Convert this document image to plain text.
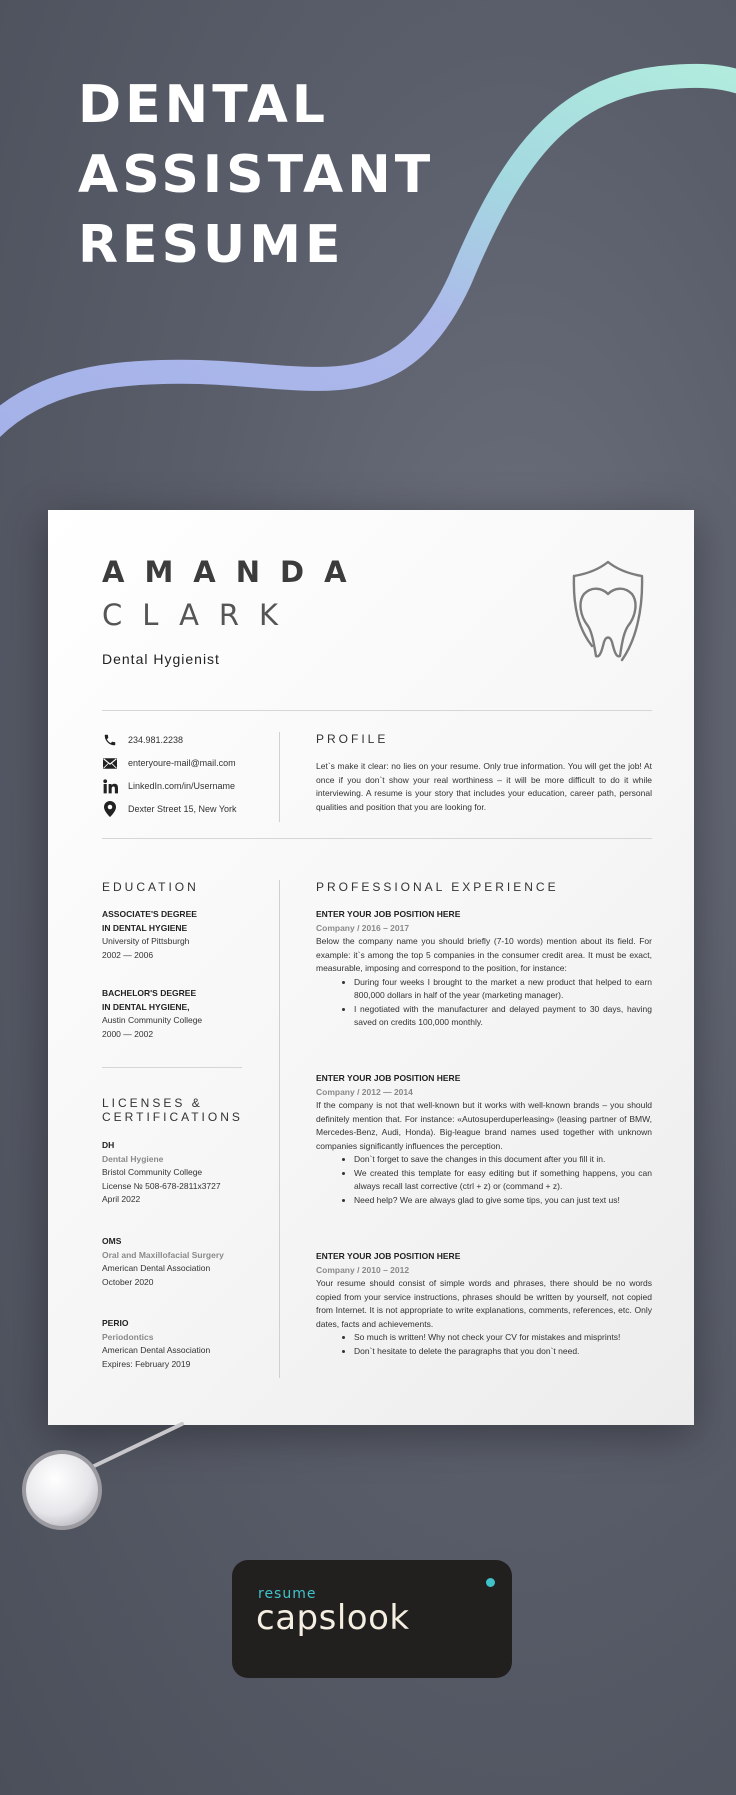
DENTAL
ASSISTANT
RESUME
AMANDA
CLARK
Dental Hygienist
234.981.2238
enteryoure-mail@mail.com
LinkedIn.com/in/Username
Dexter Street 15, New York
PROFILE

Let`s make it clear: no lies on your resume. Only true information. You will get the job! At once if you don`t show your real worthiness – it will be more difficult to do it while interviewing. A resume is your story that includes your education, career path, personal qualities and position that you are looking for.

EDUCATION
ASSOCIATE'S DEGREE
IN DENTAL HYGIENE
University of Pittsburgh
2002 — 2006
BACHELOR'S DEGREE
IN DENTAL HYGIENE,
Austin Community College
2000 — 2002
LICENSES &
CERTIFICATIONS
DH
Dental Hygiene
Bristol Community College
License № 508-678-2811x3727
April 2022
OMS
Oral and Maxillofacial Surgery
American Dental Association
October 2020
PERIO
Periodontics
American Dental Association
Expires: February 2019
PROFESSIONAL EXPERIENCE
ENTER YOUR JOB POSITION HERE
Company / 2016 – 2017
Below the company name you should briefly (7-10 words) mention about its field. For example: it`s among the top 5 companies in the consumer credit area. It must be exact, measurable, imposing and correspond to the position, for instance:
• During four weeks I brought to the market a new product that helped to earn 800,000 dollars in half of the year (marketing manager).
• I negotiated with the manufacturer and delayed payment to 30 days, having saved on credits 100,000 monthly.
ENTER YOUR JOB POSITION HERE
Company / 2012 — 2014
If the company is not that well-known but it works with well-known brands – you should definitely mention that. For instance: «Autosuperduperleasing» (leasing partner of BMW, Mercedes-Benz, Audi, Honda). Big-league brand names used together with unknown companies significantly influences the perception.
• Don`t forget to save the changes in this document after you fill it in.
• We created this template for easy editing but if something happens, you can always recall last corrective (ctrl + z) or (command + z).
• Need help? We are always glad to give some tips, you can just text us!
ENTER YOUR JOB POSITION HERE
Company / 2010 – 2012
Your resume should consist of simple words and phrases, there should be no words copied from your service instructions, phrases should be written by yourself, not copied from Internet. It is not appropriate to write explanations, comments, references, etc. Only dates, facts and achievements.
• So much is written! Why not check your CV for mistakes and misprints!
• Don`t hesitate to delete the paragraphs that you don`t need.
resume
capslook
